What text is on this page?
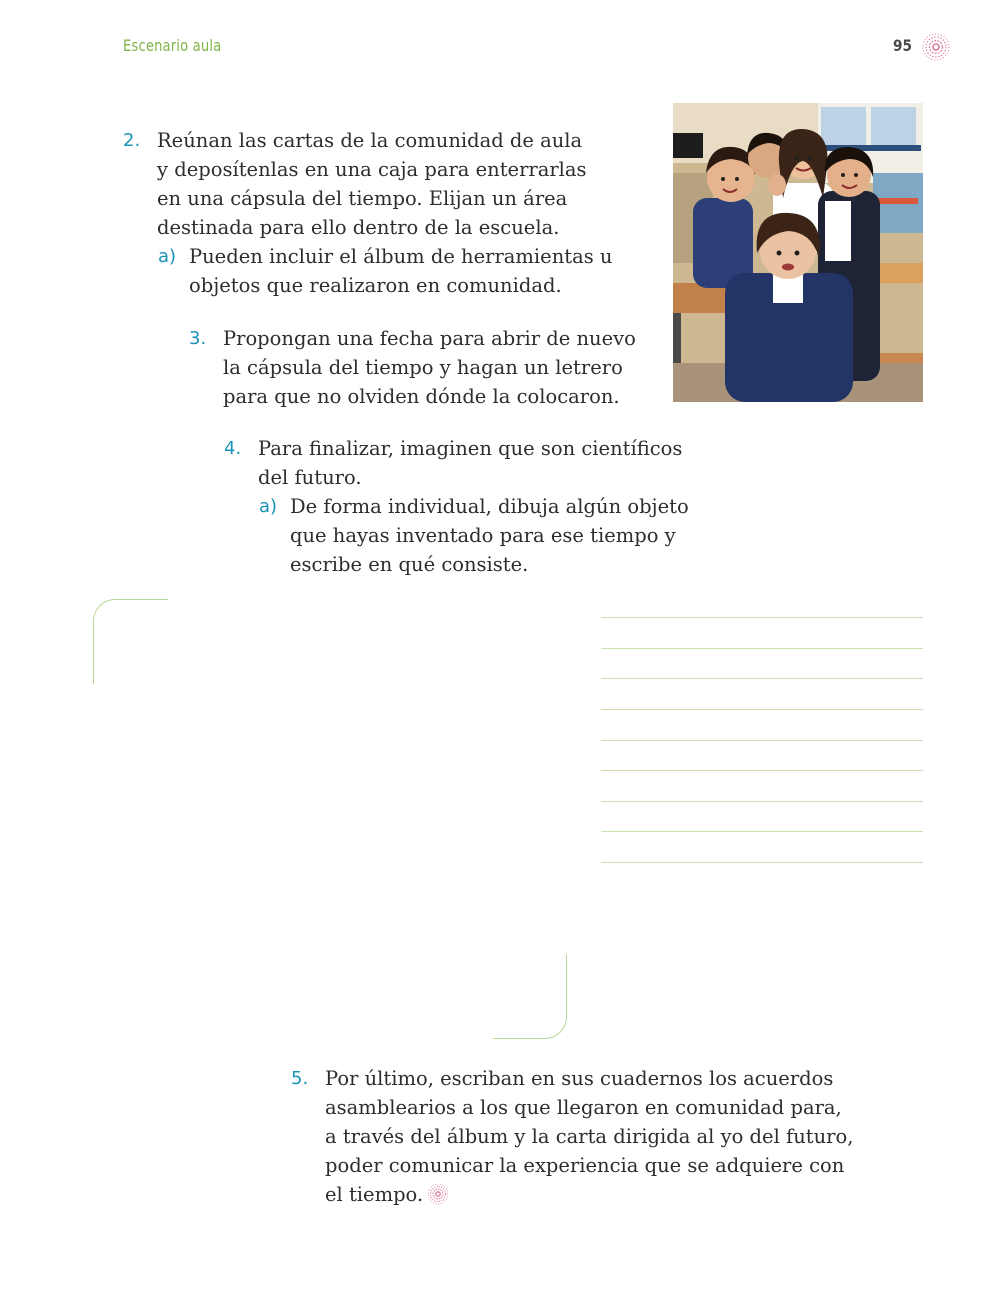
Escenario aula	95
2. Reúnan las cartas de la comunidad de aula
y deposítenlas en una caja para enterrarlas
en una cápsula del tiempo. Elijan un área
destinada para ello dentro de la escuela.

a) Pueden incluir el álbum de herramientas u
objetos que realizaron en comunidad.

3. Propongan una fecha para abrir de nuevo
la cápsula del tiempo y hagan un letrero
para que no olviden dónde la colocaron.

4. Para finalizar, imaginen que son científicos
del futuro.

a) De forma individual, dibuja algún objeto
que hayas inventado para ese tiempo y
escribe en qué consiste.

5. Por último, escriban en sus cuadernos los acuerdos
asamblearios a los que llegaron en comunidad para,
a través del álbum y la carta dirigida al yo del futuro,
poder comunicar la experiencia que se adquiere con
el tiempo.
